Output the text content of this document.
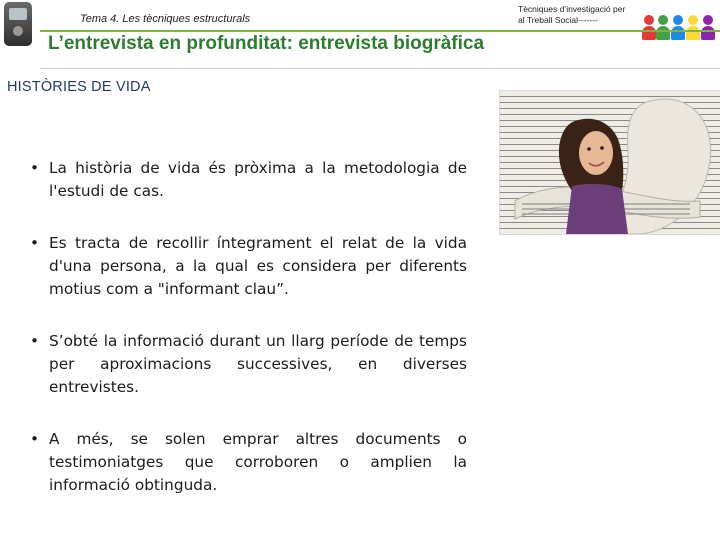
Tema 4. Les tècniques estructurals
Tècniques d’investigació per
al Treball Social-------
L’entrevista en profunditat: entrevista biogràfica
HISTÒRIES DE VIDA
• La història de vida és pròxima a la metodologia de l'estudi de cas.
• Es tracta de recollir íntegrament el relat de la vida d'una persona, a la qual es considera per diferents motius com a "informant clau”.
• S’obté la informació durant un llarg període de temps per aproximacions successives, en diverses entrevistes.
• A més, se solen emprar altres documents o testimoniatges que corroboren o amplien la informació obtinguda.
